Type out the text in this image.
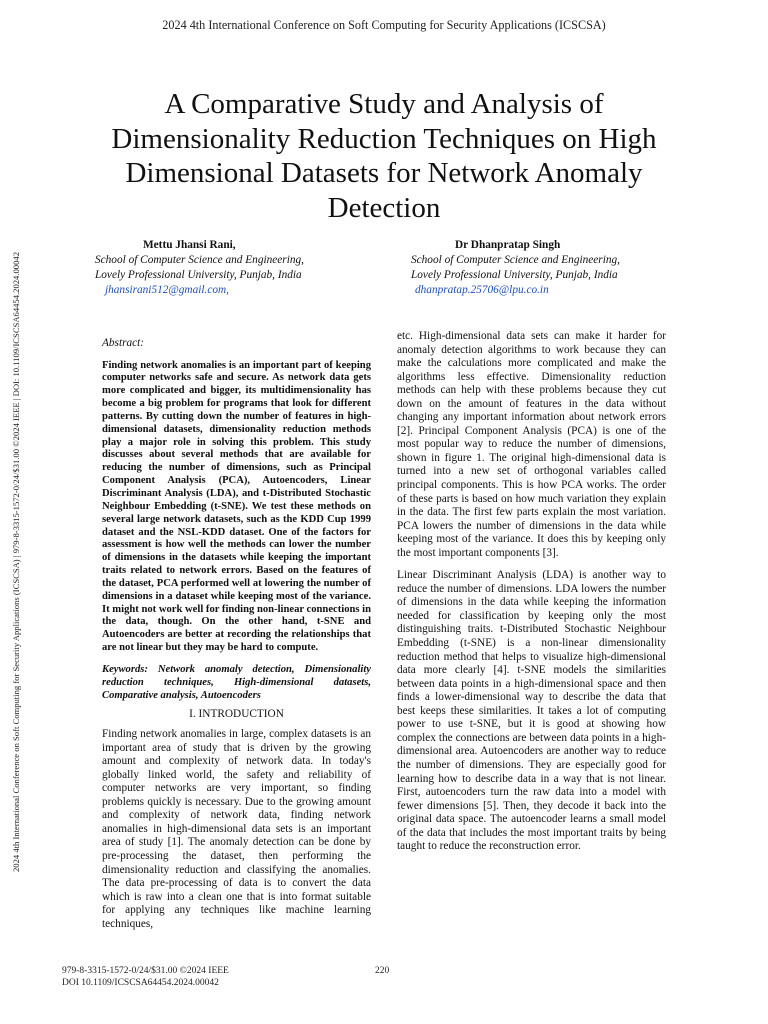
2024 4th International Conference on Soft Computing for Security Applications (ICSCSA)
2024 4th International Conference on Soft Computing for Security Applications (ICSCSA) | 979-8-3315-1572-0/24/$31.00 ©2024 IEEE | DOI: 10.1109/ICSCSA64454.2024.00042
A Comparative Study and Analysis of Dimensionality Reduction Techniques on High Dimensional Datasets for Network Anomaly Detection
Mettu Jhansi Rani,
School of Computer Science and Engineering,
Lovely Professional University, Punjab, India
jhansirani512@gmail.com,
Dr Dhanpratap Singh
School of Computer Science and Engineering,
Lovely Professional University, Punjab, India
dhanpratap.25706@lpu.co.in

Abstract:

Finding network anomalies is an important part of keeping computer networks safe and secure. As network data gets more complicated and bigger, its multidimensionality has become a big problem for programs that look for different patterns. By cutting down the number of features in high-dimensional datasets, dimensionality reduction methods play a major role in solving this problem. This study discusses about several methods that are available for reducing the number of dimensions, such as Principal Component Analysis (PCA), Autoencoders, Linear Discriminant Analysis (LDA), and t-Distributed Stochastic Neighbour Embedding (t-SNE). We test these methods on several large network datasets, such as the KDD Cup 1999 dataset and the NSL-KDD dataset. One of the factors for assessment is how well the methods can lower the number of dimensions in the datasets while keeping the important traits related to network errors. Based on the features of the dataset, PCA performed well at lowering the number of dimensions in a dataset while keeping most of the variance. It might not work well for finding non-linear connections in the data, though. On the other hand, t-SNE and Autoencoders are better at recording the relationships that are not linear but they may be hard to compute.

Keywords: Network anomaly detection, Dimensionality reduction techniques, High-dimensional datasets, Comparative analysis, Autoencoders

I. INTRODUCTION

Finding network anomalies in large, complex datasets is an important area of study that is driven by the growing amount and complexity of network data. In today's globally linked world, the safety and reliability of computer networks are very important, so finding problems quickly is necessary. Due to the growing amount and complexity of network data, finding network anomalies in high-dimensional data sets is an important area of study [1]. The anomaly detection can be done by pre-processing the dataset, then performing the dimensionality reduction and classifying the anomalies. The data pre-processing of data is to convert the data which is raw into a clean one that is into format suitable for applying any techniques like machine learning techniques,

etc. High-dimensional data sets can make it harder for anomaly detection algorithms to work because they can make the calculations more complicated and make the algorithms less effective. Dimensionality reduction methods can help with these problems because they cut down on the amount of features in the data without changing any important information about network errors [2]. Principal Component Analysis (PCA) is one of the most popular way to reduce the number of dimensions, shown in figure 1. The original high-dimensional data is turned into a new set of orthogonal variables called principal components. This is how PCA works. The order of these parts is based on how much variation they explain in the data. The first few parts explain the most variation. PCA lowers the number of dimensions in the data while keeping most of the variance. It does this by keeping only the most important components [3].

Linear Discriminant Analysis (LDA) is another way to reduce the number of dimensions. LDA lowers the number of dimensions in the data while keeping the information needed for classification by keeping only the most distinguishing traits. t-Distributed Stochastic Neighbour Embedding (t-SNE) is a non-linear dimensionality reduction method that helps to visualize high-dimensional data more clearly [4]. t-SNE models the similarities between data points in a high-dimensional space and then finds a lower-dimensional way to describe the data that best keeps these similarities. It takes a lot of computing power to use t-SNE, but it is good at showing how complex the connections are between data points in a high-dimensional area. Autoencoders are another way to reduce the number of dimensions. They are especially good for learning how to describe data in a way that is not linear. First, autoencoders turn the raw data into a model with fewer dimensions [5]. Then, they decode it back into the original data space. The autoencoder learns a small model of the data that includes the most important traits by being taught to reduce the reconstruction error.

979-8-3315-1572-0/24/$31.00 ©2024 IEEE
DOI 10.1109/ICSCSA64454.2024.00042
220
